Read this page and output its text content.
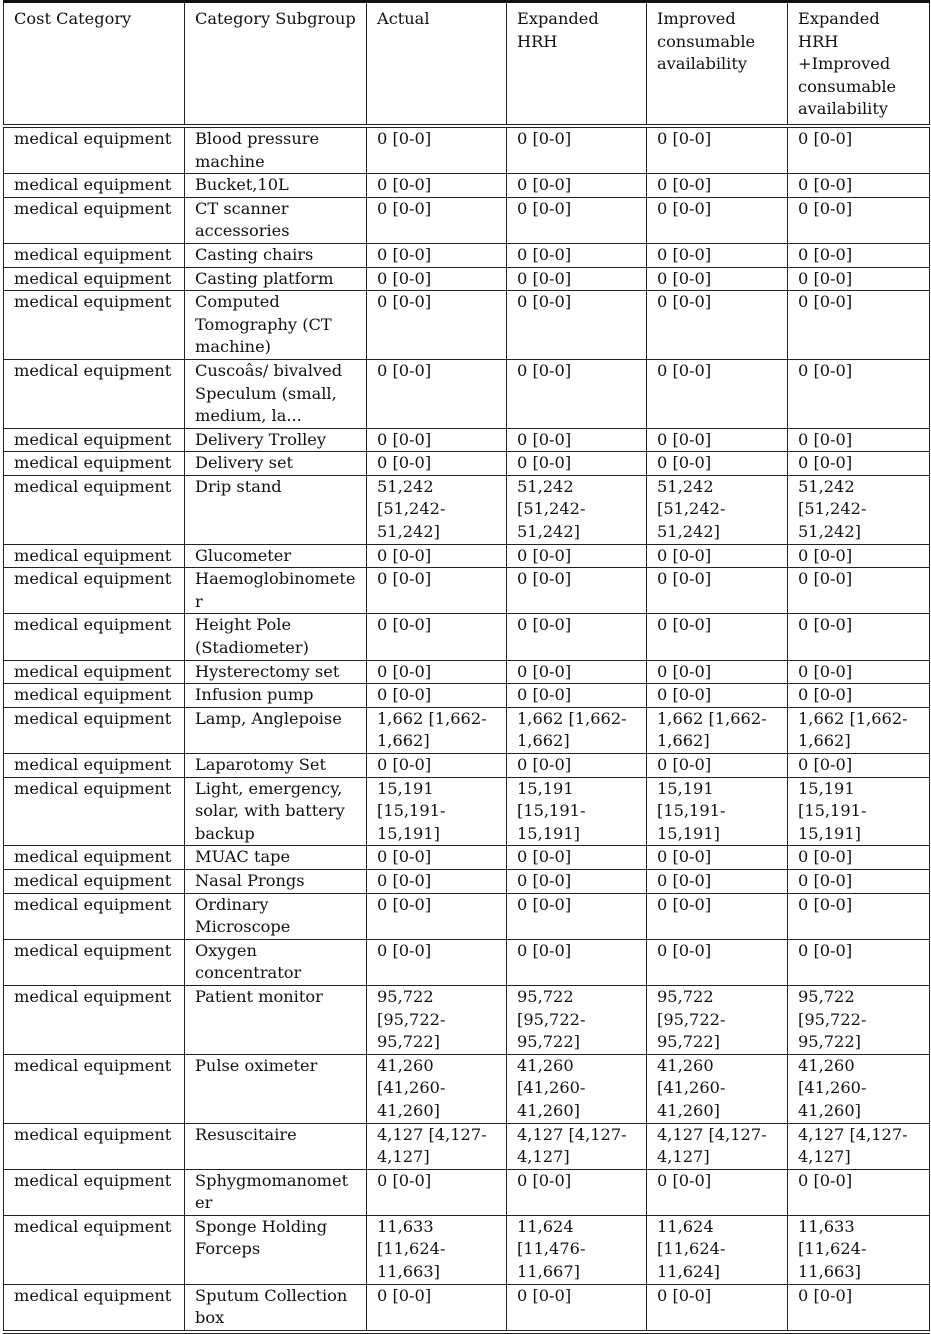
Cost Category	Category Subgroup	Actual	Expanded HRH	Improved consumable availability	Expanded HRH +Improved consumable availability
medical equipment	Blood pressure machine	0 [0-0]	0 [0-0]	0 [0-0]	0 [0-0]
medical equipment	Bucket,10L	0 [0-0]	0 [0-0]	0 [0-0]	0 [0-0]
medical equipment	CT scanner accessories	0 [0-0]	0 [0-0]	0 [0-0]	0 [0-0]
medical equipment	Casting chairs	0 [0-0]	0 [0-0]	0 [0-0]	0 [0-0]
medical equipment	Casting platform	0 [0-0]	0 [0-0]	0 [0-0]	0 [0-0]
medical equipment	Computed Tomography (CT machine)	0 [0-0]	0 [0-0]	0 [0-0]	0 [0-0]
medical equipment	Cuscoâs/ bivalved Speculum (small, medium, la...	0 [0-0]	0 [0-0]	0 [0-0]	0 [0-0]
medical equipment	Delivery Trolley	0 [0-0]	0 [0-0]	0 [0-0]	0 [0-0]
medical equipment	Delivery set	0 [0-0]	0 [0-0]	0 [0-0]	0 [0-0]
medical equipment	Drip stand	51,242 [51,242-51,242]	51,242 [51,242-51,242]	51,242 [51,242-51,242]	51,242 [51,242-51,242]
medical equipment	Glucometer	0 [0-0]	0 [0-0]	0 [0-0]	0 [0-0]
medical equipment	Haemoglobinometer	0 [0-0]	0 [0-0]	0 [0-0]	0 [0-0]
medical equipment	Height Pole (Stadiometer)	0 [0-0]	0 [0-0]	0 [0-0]	0 [0-0]
medical equipment	Hysterectomy set	0 [0-0]	0 [0-0]	0 [0-0]	0 [0-0]
medical equipment	Infusion pump	0 [0-0]	0 [0-0]	0 [0-0]	0 [0-0]
medical equipment	Lamp, Anglepoise	1,662 [1,662-1,662]	1,662 [1,662-1,662]	1,662 [1,662-1,662]	1,662 [1,662-1,662]
medical equipment	Laparotomy Set	0 [0-0]	0 [0-0]	0 [0-0]	0 [0-0]
medical equipment	Light, emergency, solar, with battery backup	15,191 [15,191-15,191]	15,191 [15,191-15,191]	15,191 [15,191-15,191]	15,191 [15,191-15,191]
medical equipment	MUAC tape	0 [0-0]	0 [0-0]	0 [0-0]	0 [0-0]
medical equipment	Nasal Prongs	0 [0-0]	0 [0-0]	0 [0-0]	0 [0-0]
medical equipment	Ordinary Microscope	0 [0-0]	0 [0-0]	0 [0-0]	0 [0-0]
medical equipment	Oxygen concentrator	0 [0-0]	0 [0-0]	0 [0-0]	0 [0-0]
medical equipment	Patient monitor	95,722 [95,722-95,722]	95,722 [95,722-95,722]	95,722 [95,722-95,722]	95,722 [95,722-95,722]
medical equipment	Pulse oximeter	41,260 [41,260-41,260]	41,260 [41,260-41,260]	41,260 [41,260-41,260]	41,260 [41,260-41,260]
medical equipment	Resuscitaire	4,127 [4,127-4,127]	4,127 [4,127-4,127]	4,127 [4,127-4,127]	4,127 [4,127-4,127]
medical equipment	Sphygmomanometer	0 [0-0]	0 [0-0]	0 [0-0]	0 [0-0]
medical equipment	Sponge Holding Forceps	11,633 [11,624-11,663]	11,624 [11,476-11,667]	11,624 [11,624-11,624]	11,633 [11,624-11,663]
medical equipment	Sputum Collection box	0 [0-0]	0 [0-0]	0 [0-0]	0 [0-0]
